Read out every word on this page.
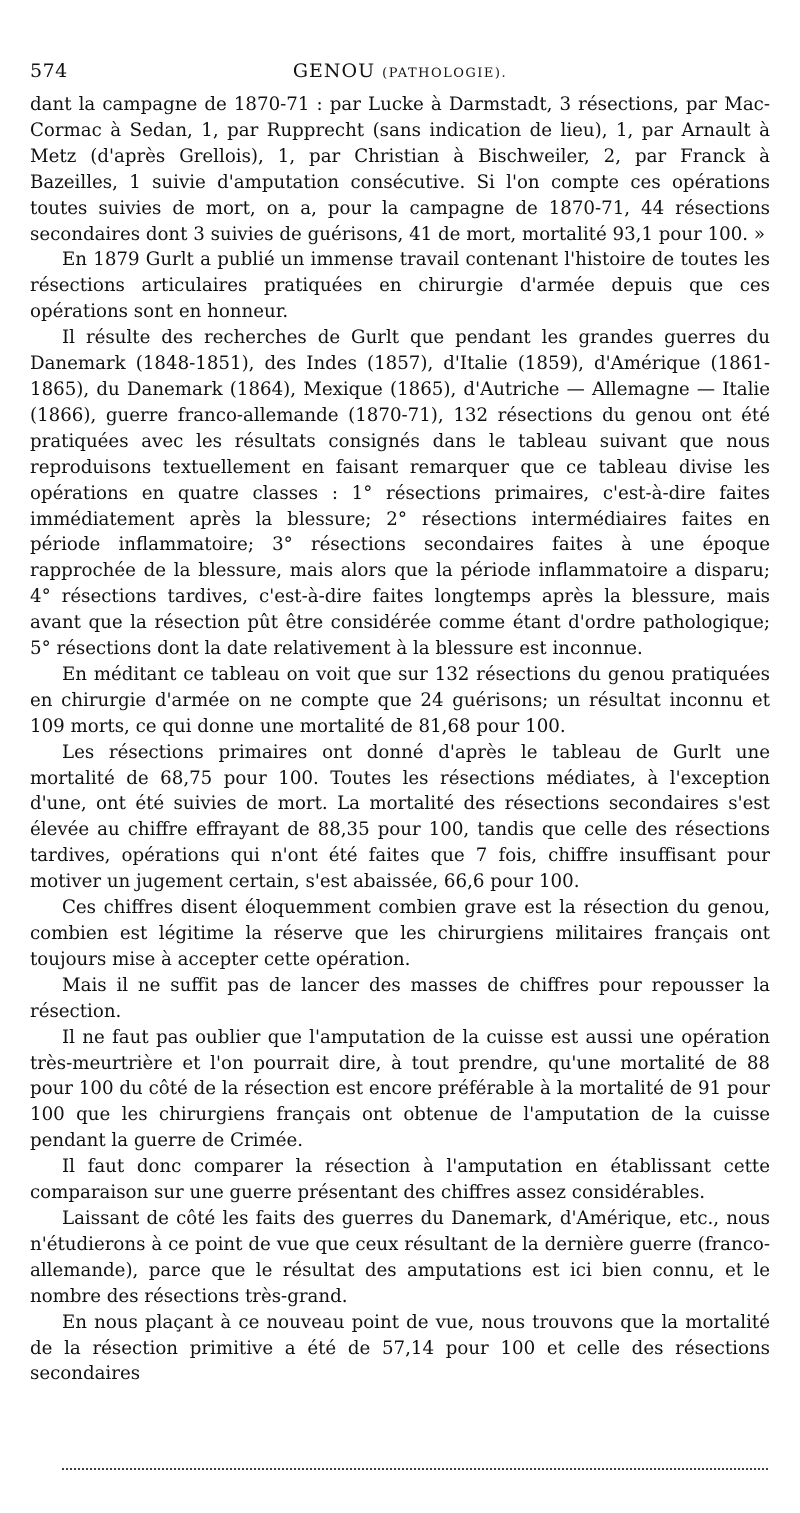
574	GENOU (PATHOLOGIE).

dant la campagne de 1870-71 : par Lucke à Darmstadt, 3 résections, par Mac-Cormac à Sedan, 1, par Rupprecht (sans indication de lieu), 1, par Arnault à Metz (d'après Grellois), 1, par Christian à Bischweiler, 2, par Franck à Bazeilles, 1 suivie d'amputation consécutive. Si l'on compte ces opérations toutes suivies de mort, on a, pour la campagne de 1870-71, 44 résections secondaires dont 3 suivies de guérisons, 41 de mort, mortalité 93,1 pour 100. »

En 1879 Gurlt a publié un immense travail contenant l'histoire de toutes les résections articulaires pratiquées en chirurgie d'armée depuis que ces opérations sont en honneur.

Il résulte des recherches de Gurlt que pendant les grandes guerres du Danemark (1848-1851), des Indes (1857), d'Italie (1859), d'Amérique (1861-1865), du Danemark (1864), Mexique (1865), d'Autriche — Allemagne — Italie (1866), guerre franco-allemande (1870-71), 132 résections du genou ont été pratiquées avec les résultats consignés dans le tableau suivant que nous reproduisons textuellement en faisant remarquer que ce tableau divise les opérations en quatre classes : 1° résections primaires, c'est-à-dire faites immédiatement après la blessure; 2° résections intermédiaires faites en période inflammatoire; 3° résections secondaires faites à une époque rapprochée de la blessure, mais alors que la période inflammatoire a disparu; 4° résections tardives, c'est-à-dire faites longtemps après la blessure, mais avant que la résection pût être considérée comme étant d'ordre pathologique; 5° résections dont la date relativement à la blessure est inconnue.

En méditant ce tableau on voit que sur 132 résections du genou pratiquées en chirurgie d'armée on ne compte que 24 guérisons; un résultat inconnu et 109 morts, ce qui donne une mortalité de 81,68 pour 100.

Les résections primaires ont donné d'après le tableau de Gurlt une mortalité de 68,75 pour 100. Toutes les résections médiates, à l'exception d'une, ont été suivies de mort. La mortalité des résections secondaires s'est élevée au chiffre effrayant de 88,35 pour 100, tandis que celle des résections tardives, opérations qui n'ont été faites que 7 fois, chiffre insuffisant pour motiver un jugement certain, s'est abaissée, 66,6 pour 100.

Ces chiffres disent éloquemment combien grave est la résection du genou, combien est légitime la réserve que les chirurgiens militaires français ont toujours mise à accepter cette opération.

Mais il ne suffit pas de lancer des masses de chiffres pour repousser la résection.

Il ne faut pas oublier que l'amputation de la cuisse est aussi une opération très-meurtrière et l'on pourrait dire, à tout prendre, qu'une mortalité de 88 pour 100 du côté de la résection est encore préférable à la mortalité de 91 pour 100 que les chirurgiens français ont obtenue de l'amputation de la cuisse pendant la guerre de Crimée.

Il faut donc comparer la résection à l'amputation en établissant cette comparaison sur une guerre présentant des chiffres assez considérables.

Laissant de côté les faits des guerres du Danemark, d'Amérique, etc., nous n'étudierons à ce point de vue que ceux résultant de la dernière guerre (franco-allemande), parce que le résultat des amputations est ici bien connu, et le nombre des résections très-grand.

En nous plaçant à ce nouveau point de vue, nous trouvons que la mortalité de la résection primitive a été de 57,14 pour 100 et celle des résections secondaires
